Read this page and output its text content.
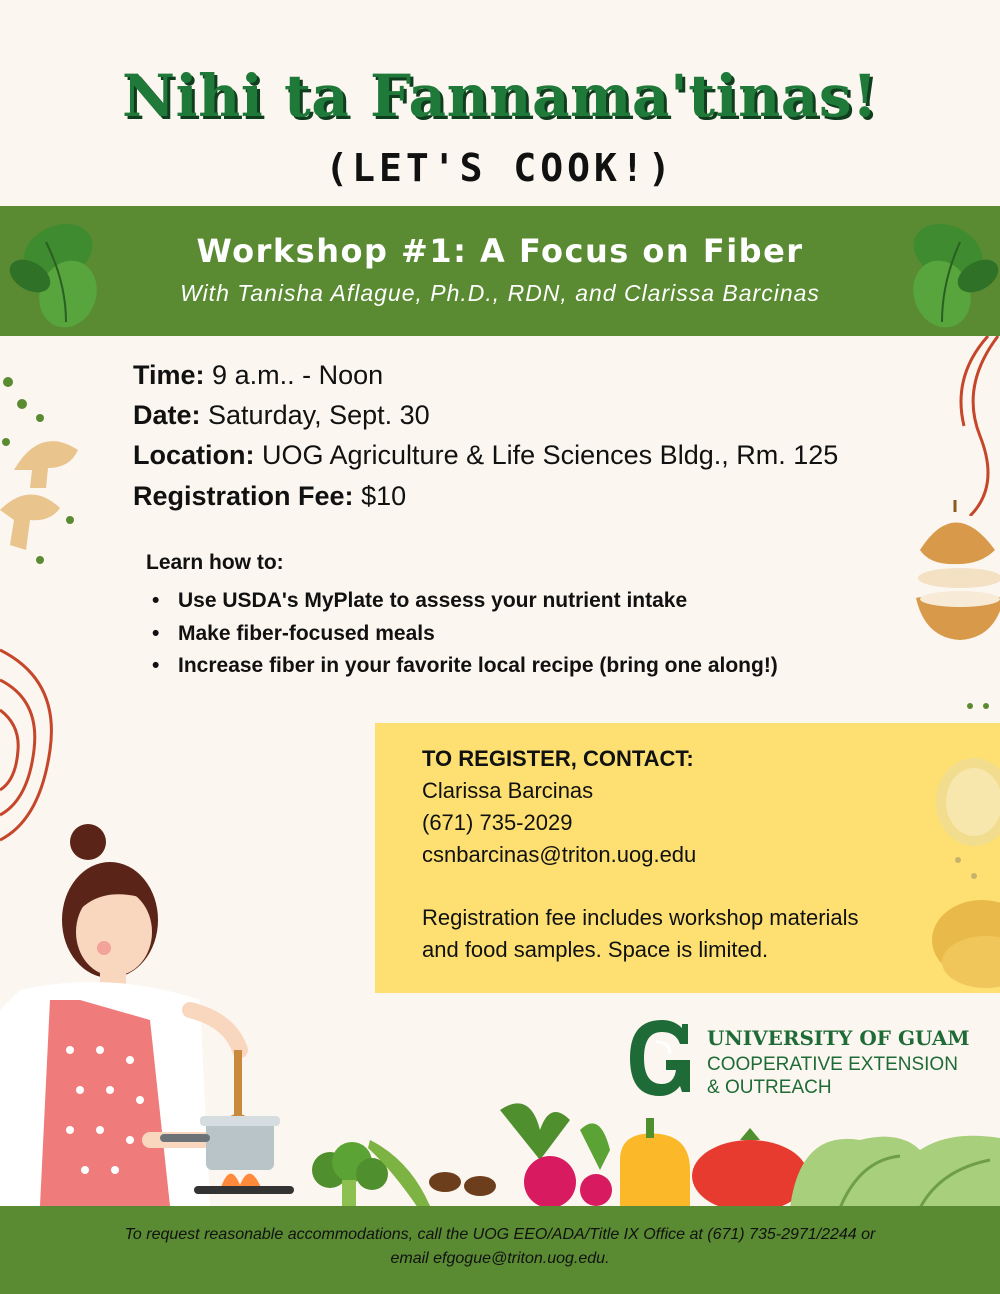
Nihi ta Fannama'tinas!
(LET'S COOK!)
Workshop #1: A Focus on Fiber
With Tanisha Aflague, Ph.D., RDN, and Clarissa Barcinas
Time: 9 a.m.. - Noon
Date: Saturday, Sept. 30
Location: UOG Agriculture & Life Sciences Bldg., Rm. 125
Registration Fee: $10
Learn how to:
• Use USDA's MyPlate to assess your nutrient intake
• Make fiber-focused meals
• Increase fiber in your favorite local recipe (bring one along!)
TO REGISTER, CONTACT:
Clarissa Barcinas
(671) 735-2029
csnbarcinas@triton.uog.edu
Registration fee includes workshop materials
and food samples. Space is limited.
UNIVERSITY OF GUAM
COOPERATIVE EXTENSION
& OUTREACH
To request reasonable accommodations, call the UOG EEO/ADA/Title IX Office at (671) 735-2971/2244 or
email efgogue@triton.uog.edu.
